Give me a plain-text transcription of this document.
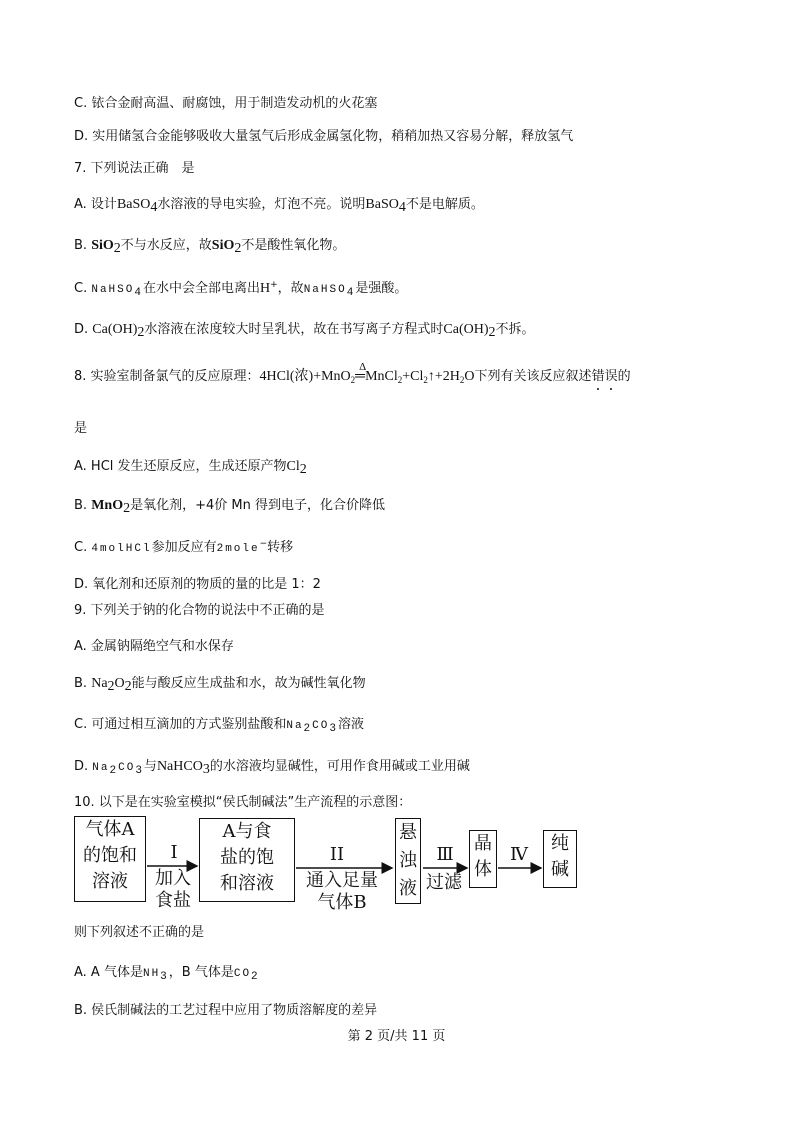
C. 铱合金耐高温、耐腐蚀，用于制造发动机的火花塞
D. 实用储氢合金能够吸收大量氢气后形成金属氢化物，稍稍加热又容易分解，释放氢气
7. 下列说法正确　是
A. 设计BaSO$_4$水溶液的导电实验，灯泡不亮。说明BaSO$_4$不是电解质。
B. SiO$_2$不与水反应，故SiO$_2$不是酸性氧化物。
C. NaHSO$_4$在水中会全部电离出H+，故NaHSO$_4$是强酸。
D. $Ca(OH)_2$水溶液在浓度较大时呈乳状，故在书写离子方程式时$Ca(OH)_2$不拆。
8. 实验室制备氯气的反应原理：4HCl(浓)+MnO$_2$
Δ
$═MnCl_2+Cl_2↑+2H_2O$下列有关该反应叙述错误的
是
A. HCl 发生还原反应，生成还原产物$Cl_2$
B. MnO$_2$是氧化剂，+4价 Mn 得到电子，化合价降低
C. 4molHCl参加反应有2mole−转移
D. 氧化剂和还原剂的物质的量的比是 1：2
9. 下列关于钠的化合物的说法中不正确的是
A. 金属钠隔绝空气和水保存
B. $Na_2O_2$能与酸反应生成盐和水，故为碱性氧化物
C. 可通过相互滴加的方式鉴别盐酸和$Na_2CO_3$溶液
D. $Na_2CO_3$与NaHCO$_3$的水溶液均显碱性，可用作食用碱或工业用碱
10. 以下是在实验室模拟“侯氏制碱法”生产流程的示意图：
气体A
的饱和
溶液
I
加入
食盐
A与食
盐的饱
和溶液
II
通入足量
气体B
悬
浊
液
Ⅲ
过滤
晶
体
Ⅳ
纯
碱
则下列叙述不正确的是
A. A 气体是$NH_3$，B 气体是$CO_2$
B. 侯氏制碱法的工艺过程中应用了物质溶解度的差异
第 2 页/共 11 页
